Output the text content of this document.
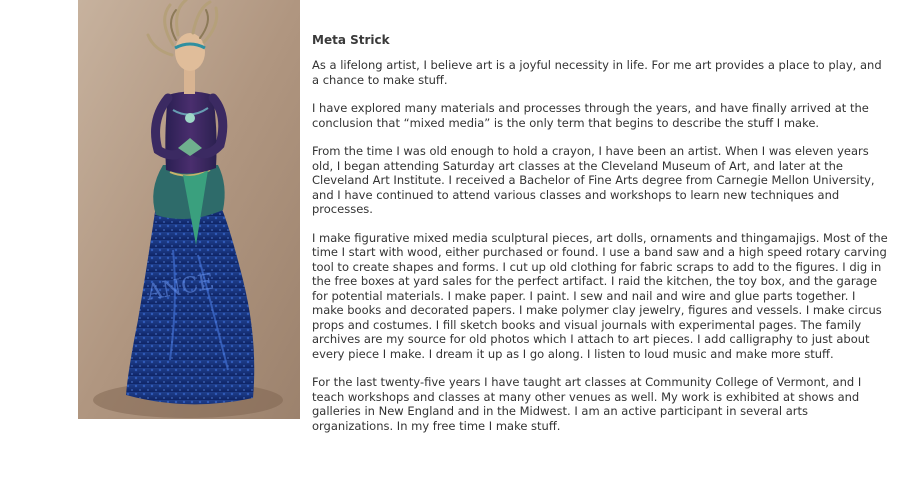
ANCE
Meta Strick

As a lifelong artist, I believe art is a joyful necessity in life. For me art provides a place to play, and a chance to make stuff.

I have explored many materials and processes through the years, and have finally arrived at the conclusion that “mixed media” is the only term that begins to describe the stuff I make.

From the time I was old enough to hold a crayon, I have been an artist. When I was eleven years old, I began attending Saturday art classes at the Cleveland Museum of Art, and later at the Cleveland Art Institute. I received a Bachelor of Fine Arts degree from Carnegie Mellon University, and I have continued to attend various classes and workshops to learn new techniques and processes.

I make figurative mixed media sculptural pieces, art dolls, ornaments and thingamajigs. Most of the time I start with wood, either purchased or found. I use a band saw and a high speed rotary carving tool to create shapes and forms. I cut up old clothing for fabric scraps to add to the figures. I dig in the free boxes at yard sales for the perfect artifact. I raid the kitchen, the toy box, and the garage for potential materials. I make paper. I paint. I sew and nail and wire and glue parts together. I make books and decorated papers. I make polymer clay jewelry, figures and vessels. I make circus props and costumes. I fill sketch books and visual journals with experimental pages. The family archives are my source for old photos which I attach to art pieces. I add calligraphy to just about every piece I make. I dream it up as I go along. I listen to loud music and make more stuff.

For the last twenty-five years I have taught art classes at Community College of Vermont, and I teach workshops and classes at many other venues as well. My work is exhibited at shows and galleries in New England and in the Midwest. I am an active participant in several arts organizations. In my free time I make stuff.
